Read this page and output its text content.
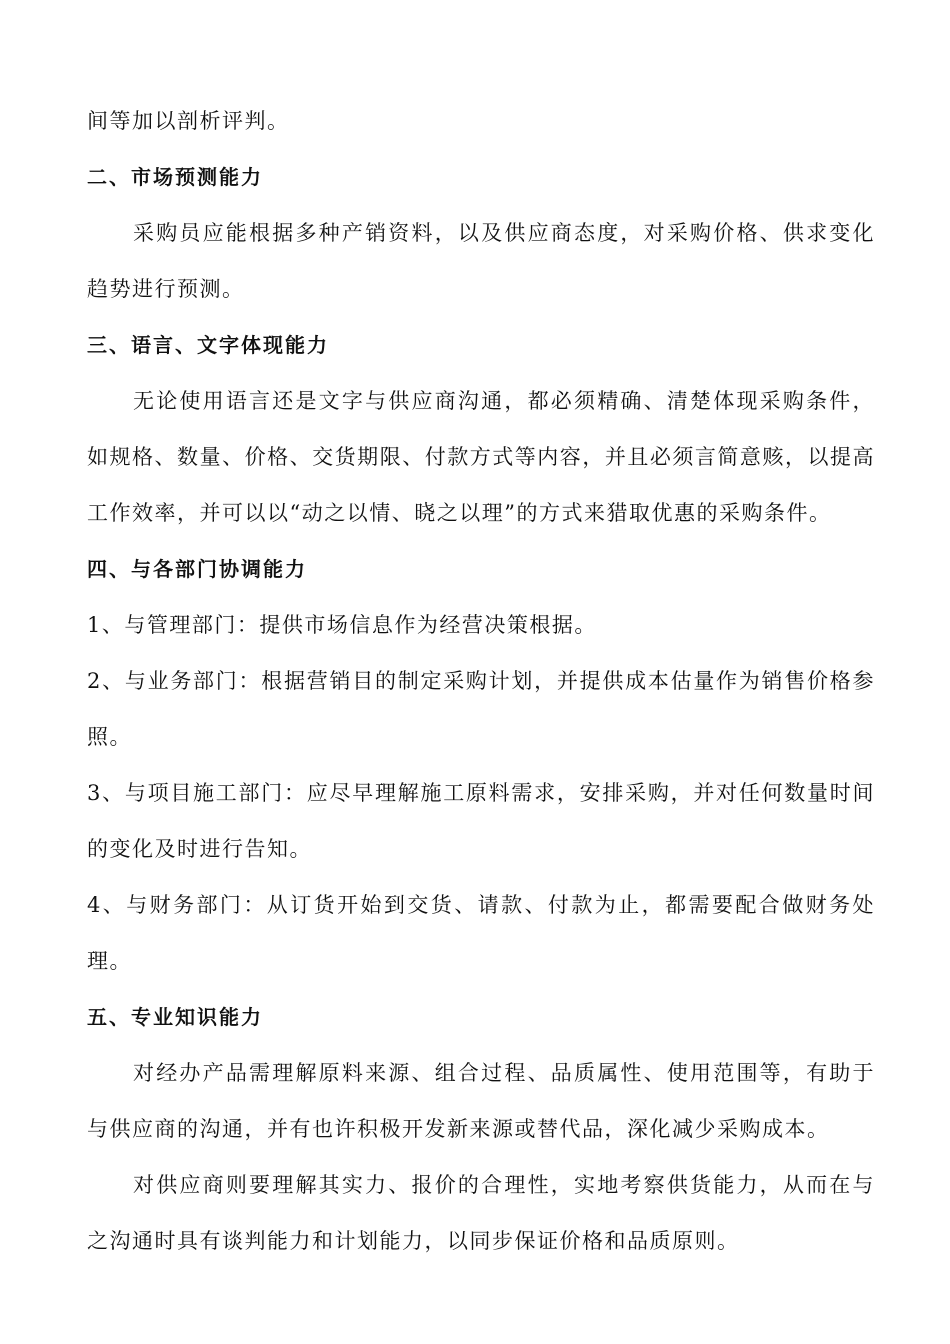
间等加以剖析评判。

二、市场预测能力

采购员应能根据多种产销资料，以及供应商态度，对采购价格、供求变化趋势进行预测。

三、语言、文字体现能力

无论使用语言还是文字与供应商沟通，都必须精确、清楚体现采购条件，如规格、数量、价格、交货期限、付款方式等内容，并且必须言简意赅，以提高工作效率，并可以以“动之以情、晓之以理”的方式来猎取优惠的采购条件。

四、与各部门协调能力

1、与管理部门：提供市场信息作为经营决策根据。

2、与业务部门：根据营销目的制定采购计划，并提供成本估量作为销售价格参照。

3、与项目施工部门：应尽早理解施工原料需求，安排采购，并对任何数量时间的变化及时进行告知。

4、与财务部门：从订货开始到交货、请款、付款为止，都需要配合做财务处理。

五、专业知识能力

对经办产品需理解原料来源、组合过程、品质属性、使用范围等，有助于与供应商的沟通，并有也许积极开发新来源或替代品，深化减少采购成本。

对供应商则要理解其实力、报价的合理性，实地考察供货能力，从而在与之沟通时具有谈判能力和计划能力，以同步保证价格和品质原则。
